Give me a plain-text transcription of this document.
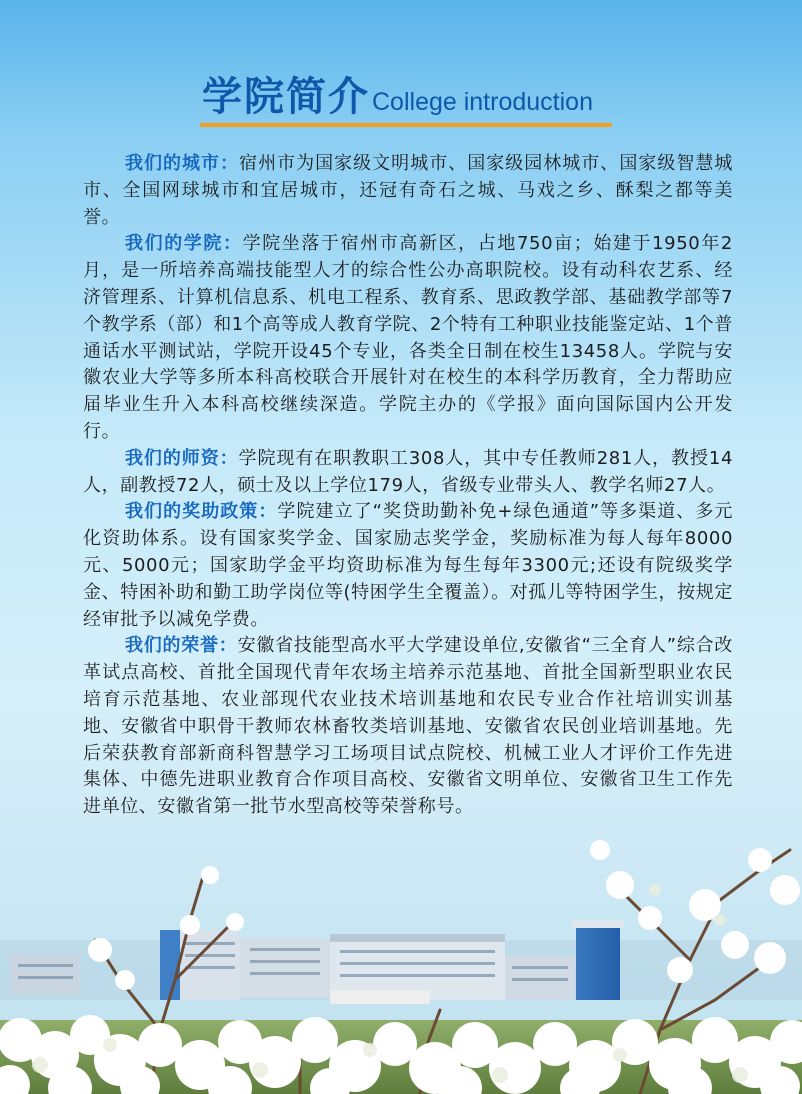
学院简介 College introduction

我们的城市：宿州市为国家级文明城市、国家级园林城市、国家级智慧城市、全国网球城市和宜居城市，还冠有奇石之城、马戏之乡、酥梨之都等美誉。

我们的学院：学院坐落于宿州市高新区，占地750亩；始建于1950年2月，是一所培养高端技能型人才的综合性公办高职院校。设有动科农艺系、经济管理系、计算机信息系、机电工程系、教育系、思政教学部、基础教学部等7个教学系（部）和1个高等成人教育学院、2个特有工种职业技能鉴定站、1个普通话水平测试站，学院开设45个专业，各类全日制在校生13458人。学院与安徽农业大学等多所本科高校联合开展针对在校生的本科学历教育，全力帮助应届毕业生升入本科高校继续深造。学院主办的《学报》面向国际国内公开发行。

我们的师资：学院现有在职教职工308人，其中专任教师281人，教授14人，副教授72人，硕士及以上学位179人，省级专业带头人、教学名师27人。

我们的奖助政策：学院建立了“奖贷助勤补免+绿色通道”等多渠道、多元化资助体系。设有国家奖学金、国家励志奖学金，奖励标准为每人每年8000元、5000元；国家助学金平均资助标准为每生每年3300元;还设有院级奖学金、特困补助和勤工助学岗位等(特困学生全覆盖）。对孤儿等特困学生，按规定经审批予以减免学费。

我们的荣誉：安徽省技能型高水平大学建设单位,安徽省“三全育人”综合改革试点高校、首批全国现代青年农场主培养示范基地、首批全国新型职业农民培育示范基地、农业部现代农业技术培训基地和农民专业合作社培训实训基地、安徽省中职骨干教师农林畜牧类培训基地、安徽省农民创业培训基地。先后荣获教育部新商科智慧学习工场项目试点院校、机械工业人才评价工作先进集体、中德先进职业教育合作项目高校、安徽省文明单位、安徽省卫生工作先进单位、安徽省第一批节水型高校等荣誉称号。
